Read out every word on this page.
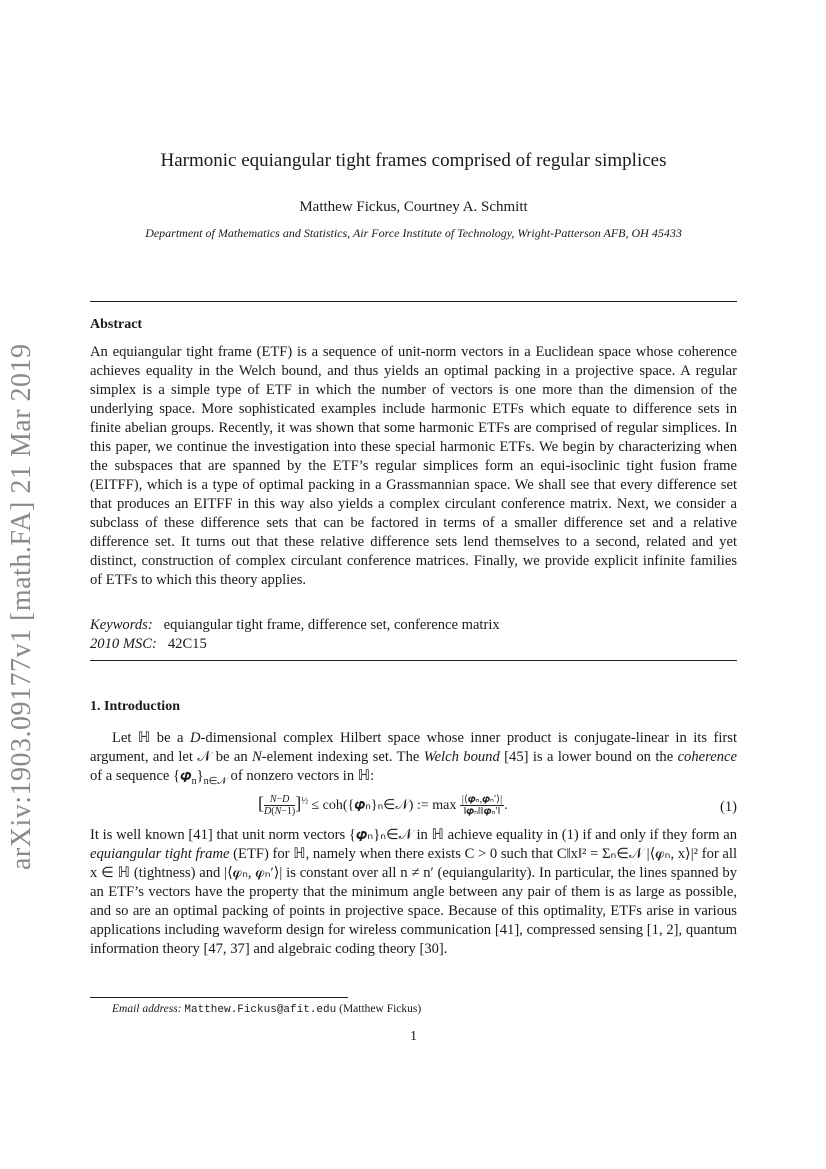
arXiv:1903.09177v1 [math.FA] 21 Mar 2019
Harmonic equiangular tight frames comprised of regular simplices
Matthew Fickus, Courtney A. Schmitt
Department of Mathematics and Statistics, Air Force Institute of Technology, Wright-Patterson AFB, OH 45433
Abstract
An equiangular tight frame (ETF) is a sequence of unit-norm vectors in a Euclidean space whose coherence achieves equality in the Welch bound, and thus yields an optimal packing in a projective space. A regular simplex is a simple type of ETF in which the number of vectors is one more than the dimension of the underlying space. More sophisticated examples include harmonic ETFs which equate to difference sets in finite abelian groups. Recently, it was shown that some harmonic ETFs are comprised of regular simplices. In this paper, we continue the investigation into these special harmonic ETFs. We begin by characterizing when the subspaces that are spanned by the ETF’s regular simplices form an equi-isoclinic tight fusion frame (EITFF), which is a type of optimal packing in a Grassmannian space. We shall see that every difference set that produces an EITFF in this way also yields a complex circulant conference matrix. Next, we consider a subclass of these difference sets that can be factored in terms of a smaller difference set and a relative difference set. It turns out that these relative difference sets lend themselves to a second, related and yet distinct, construction of complex circulant conference matrices. Finally, we provide explicit infinite families of ETFs to which this theory applies.
Keywords: equiangular tight frame, difference set, conference matrix
2010 MSC: 42C15
1. Introduction
Let ℍ be a D-dimensional complex Hilbert space whose inner product is conjugate-linear in its first argument, and let 𝒩 be an N-element indexing set. The Welch bound [45] is a lower bound on the coherence of a sequence $\{𝝋_n\}_{n\in 𝒩}$ of nonzero vectors in ℍ:
[ $\frac{N-D}{D(N-1)} ]^{\frac{1}{2}}$ ≤ coh({𝝋ₙ}ₙ∈𝒩) := $\max \frac{\text{|⟨𝝋ₙ,𝝋ₙ′⟩|}}{\text{‖𝝋ₙ‖‖𝝋ₙ′‖}}$ .	(1)
It is well known [41] that unit norm vectors {𝝋ₙ}ₙ∈𝒩 in ℍ achieve equality in (1) if and only if they form an equiangular tight frame (ETF) for ℍ, namely when there exists C > 0 such that C‖x‖² = Σₙ∈𝒩 |⟨𝝋ₙ, x⟩|² for all x ∈ ℍ (tightness) and |⟨𝝋ₙ, 𝝋ₙ′⟩| is constant over all n ≠ n′ (equiangularity). In particular, the lines spanned by an ETF’s vectors have the property that the minimum angle between any pair of them is as large as possible, and so are an optimal packing of points in projective space. Because of this optimality, ETFs arise in various applications including waveform design for wireless communication [41], compressed sensing [1, 2], quantum information theory [47, 37] and algebraic coding theory [30].
Email address: Matthew.Fickus@afit.edu (Matthew Fickus)
1
